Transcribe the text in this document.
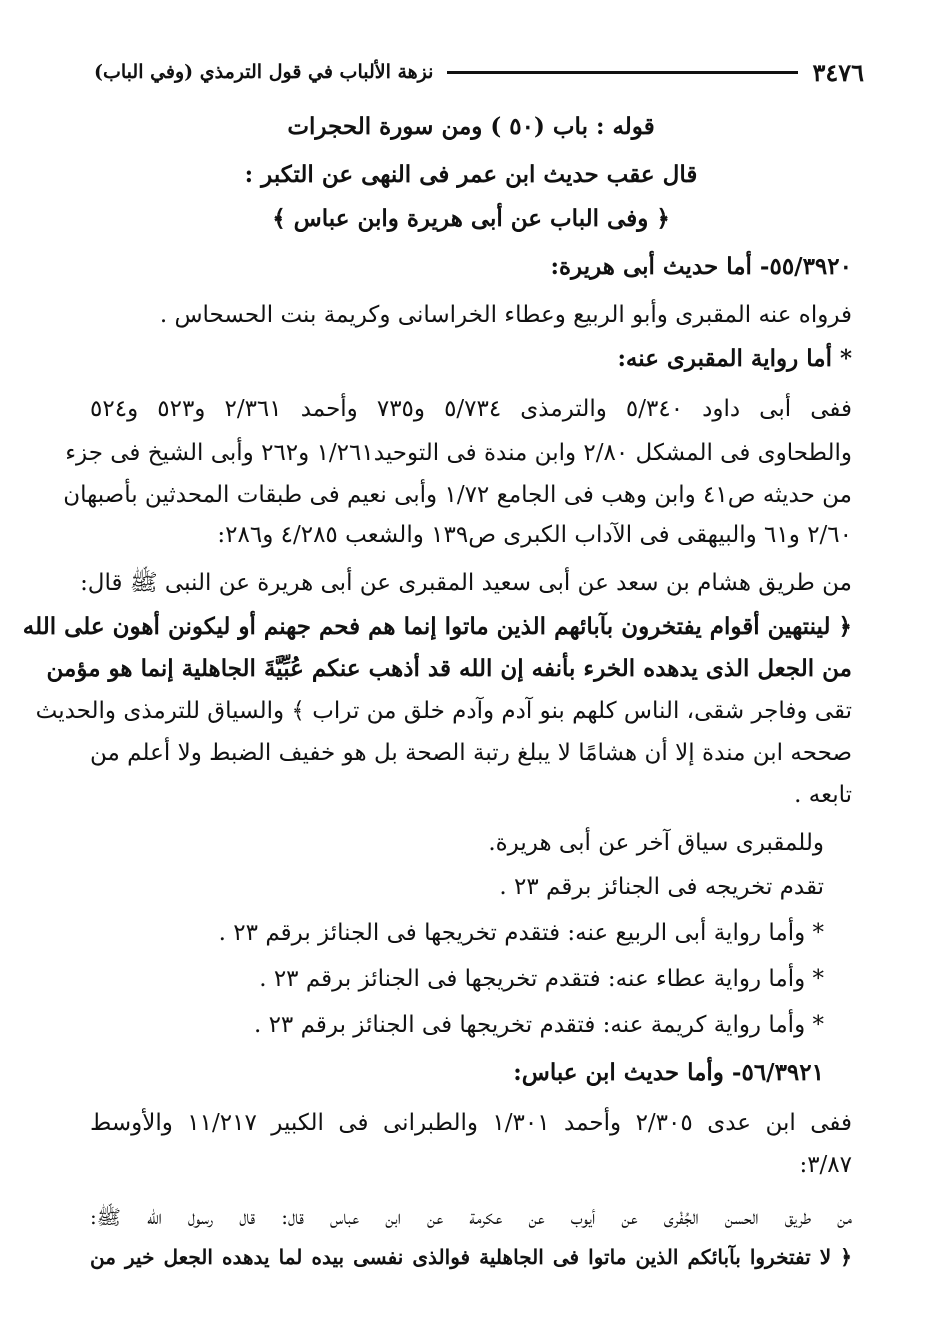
٣٤٧٦
نزهة الألباب في قول الترمذي (وفي الباب)
قوله : باب (٥٠ ) ومن سورة الحجرات
قال عقب حديث ابن عمر فى النهى عن التكبر :
﴿ وفى الباب عن أبى هريرة وابن عباس ﴾
٥٥/٣٩٢٠- أما حديث أبى هريرة:
فرواه عنه المقبرى وأبو الربيع وعطاء الخراسانى وكريمة بنت الحسحاس .
* أما رواية المقبرى عنه:
ففى أبى داود ٥/٣٤٠ والترمذى ٥/٧٣٤ و٧٣٥ وأحمد ٢/٣٦١ و٥٢٣ و٥٢٤
والطحاوى فى المشكل ٢/٨٠ وابن مندة فى التوحيد١/٢٦١ و٢٦٢ وأبى الشيخ فى جزء
من حديثه ص٤١ وابن وهب فى الجامع ١/٧٢ وأبى نعيم فى طبقات المحدثين بأصبهان
٢/٦٠ و٦١ والبيهقى فى الآداب الكبرى ص١٣٩ والشعب ٤/٢٨٥ و٢٨٦:
من طريق هشام بن سعد عن أبى سعيد المقبرى عن أبى هريرة عن النبى ﷺ قال:
﴿ لينتهين أقوام يفتخرون بآبائهم الذين ماتوا إنما هم فحم جهنم أو ليكونن أهون على الله
من الجعل الذى يدهده الخرء بأنفه إن الله قد أذهب عنكم عُبِّيَّةَ الجاهلية إنما هو مؤمن
تقى وفاجر شقى، الناس كلهم بنو آدم وآدم خلق من تراب ﴾ والسياق للترمذى والحديث
صححه ابن مندة إلا أن هشامًا لا يبلغ رتبة الصحة بل هو خفيف الضبط ولا أعلم من
تابعه .
وللمقبرى سياق آخر عن أبى هريرة.
تقدم تخريجه فى الجنائز برقم ٢٣ .
* وأما رواية أبى الربيع عنه: فتقدم تخريجها فى الجنائز برقم ٢٣ .
* وأما رواية عطاء عنه: فتقدم تخريجها فى الجنائز برقم ٢٣ .
* وأما رواية كريمة عنه: فتقدم تخريجها فى الجنائز برقم ٢٣ .
٥٦/٣٩٢١- وأما حديث ابن عباس:
ففى ابن عدى ٢/٣٠٥ وأحمد ١/٣٠١ والطبرانى فى الكبير ١١/٢١٧ والأوسط
٣/٨٧:
من طريق الحسن الجُفْرى عن أيوب عن عكرمة عن ابن عباس قال: قال رسول الله ﷺ:
﴿ لا تفتخروا بآبائكم الذين ماتوا فى الجاهلية فوالذى نفسى بيده لما يدهده الجعل خير من
